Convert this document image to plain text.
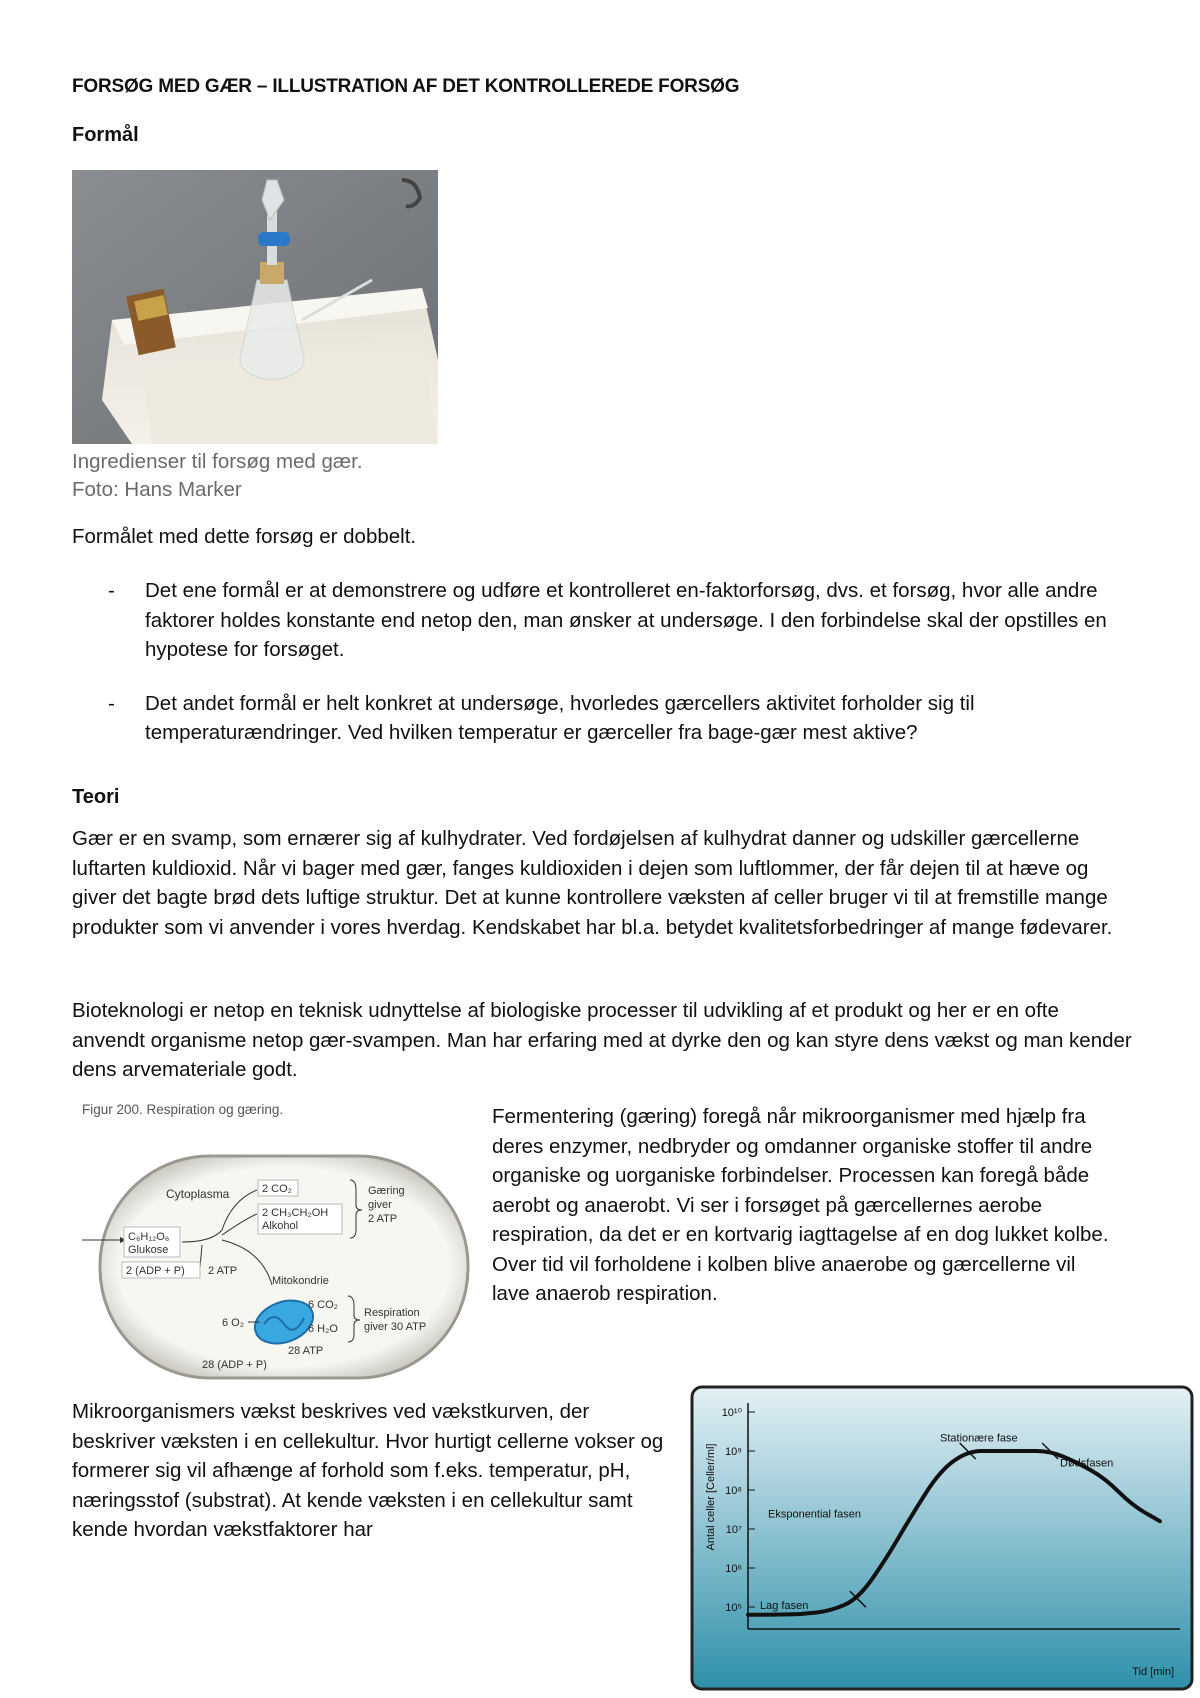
FORSØG MED GÆR – ILLUSTRATION AF DET KONTROLLEREDE FORSØG
Formål
Ingredienser til forsøg med gær.
Foto: Hans Marker
Formålet med dette forsøg er dobbelt.
- Det ene formål er at demonstrere og udføre et kontrolleret en-faktorforsøg, dvs. et forsøg, hvor alle andre faktorer holdes konstante end netop den, man ønsker at undersøge. I den forbindelse skal der opstilles en hypotese for forsøget.
- Det andet formål er helt konkret at undersøge, hvorledes gærcellers aktivitet forholder sig til temperaturændringer. Ved hvilken temperatur er gærceller fra bage-gær mest aktive?
Teori
Gær er en svamp, som ernærer sig af kulhydrater. Ved fordøjelsen af kulhydrat danner og udskiller gærcellerne luftarten kuldioxid. Når vi bager med gær, fanges kuldioxiden i dejen som luftlommer, der får dejen til at hæve og giver det bagte brød dets luftige struktur. Det at kunne kontrollere væksten af celler bruger vi til at fremstille mange produkter som vi anvender i vores hverdag. Kendskabet har bl.a. betydet kvalitetsforbedringer af mange fødevarer.
Bioteknologi er netop en teknisk udnyttelse af biologiske processer til udvikling af et produkt og her er en ofte anvendt organisme netop gær-svampen. Man har erfaring med at dyrke den og kan styre dens vækst og man kender dens arvemateriale godt.
Figur 200. Respiration og gæring.
Cytoplasma
C₆H₁₂O₆
Glukose
2 (ADP + P) 2 ATP
2 CO₂
2 CH₃CH₂OH
Alkohol
Gæring
giver
2 ATP
Mitokondrie
6 O₂
6 CO₂
6 H₂O
28 ATP
28 (ADP + P)
Respiration
giver 30 ATP
Fermentering (gæring) foregå når mikroorganismer med hjælp fra deres enzymer, nedbryder og omdanner organiske stoffer til andre organiske og uorganiske forbindelser. Processen kan foregå både aerobt og anaerobt. Vi ser i forsøget på gærcellernes aerobe respiration, da det er en kortvarig iagttagelse af en dog lukket kolbe. Over tid vil forholdene i kolben blive anaerobe og gærcellerne vil lave anaerob respiration.
Mikroorganismers vækst beskrives ved vækstkurven, der beskriver væksten i en cellekultur. Hvor hurtigt cellerne vokser og formerer sig vil afhænge af forhold som f.eks. temperatur, pH, næringsstof (substrat). At kende væksten i en cellekultur samt kende hvordan vækstfaktorer har	Antal celler [Celler/ml]
Tid [min]
10⁵
10⁶
10⁷
10⁸
10⁹
10¹⁰
Lag fasen
Eksponential fasen
Stationære fase
Dødsfasen
